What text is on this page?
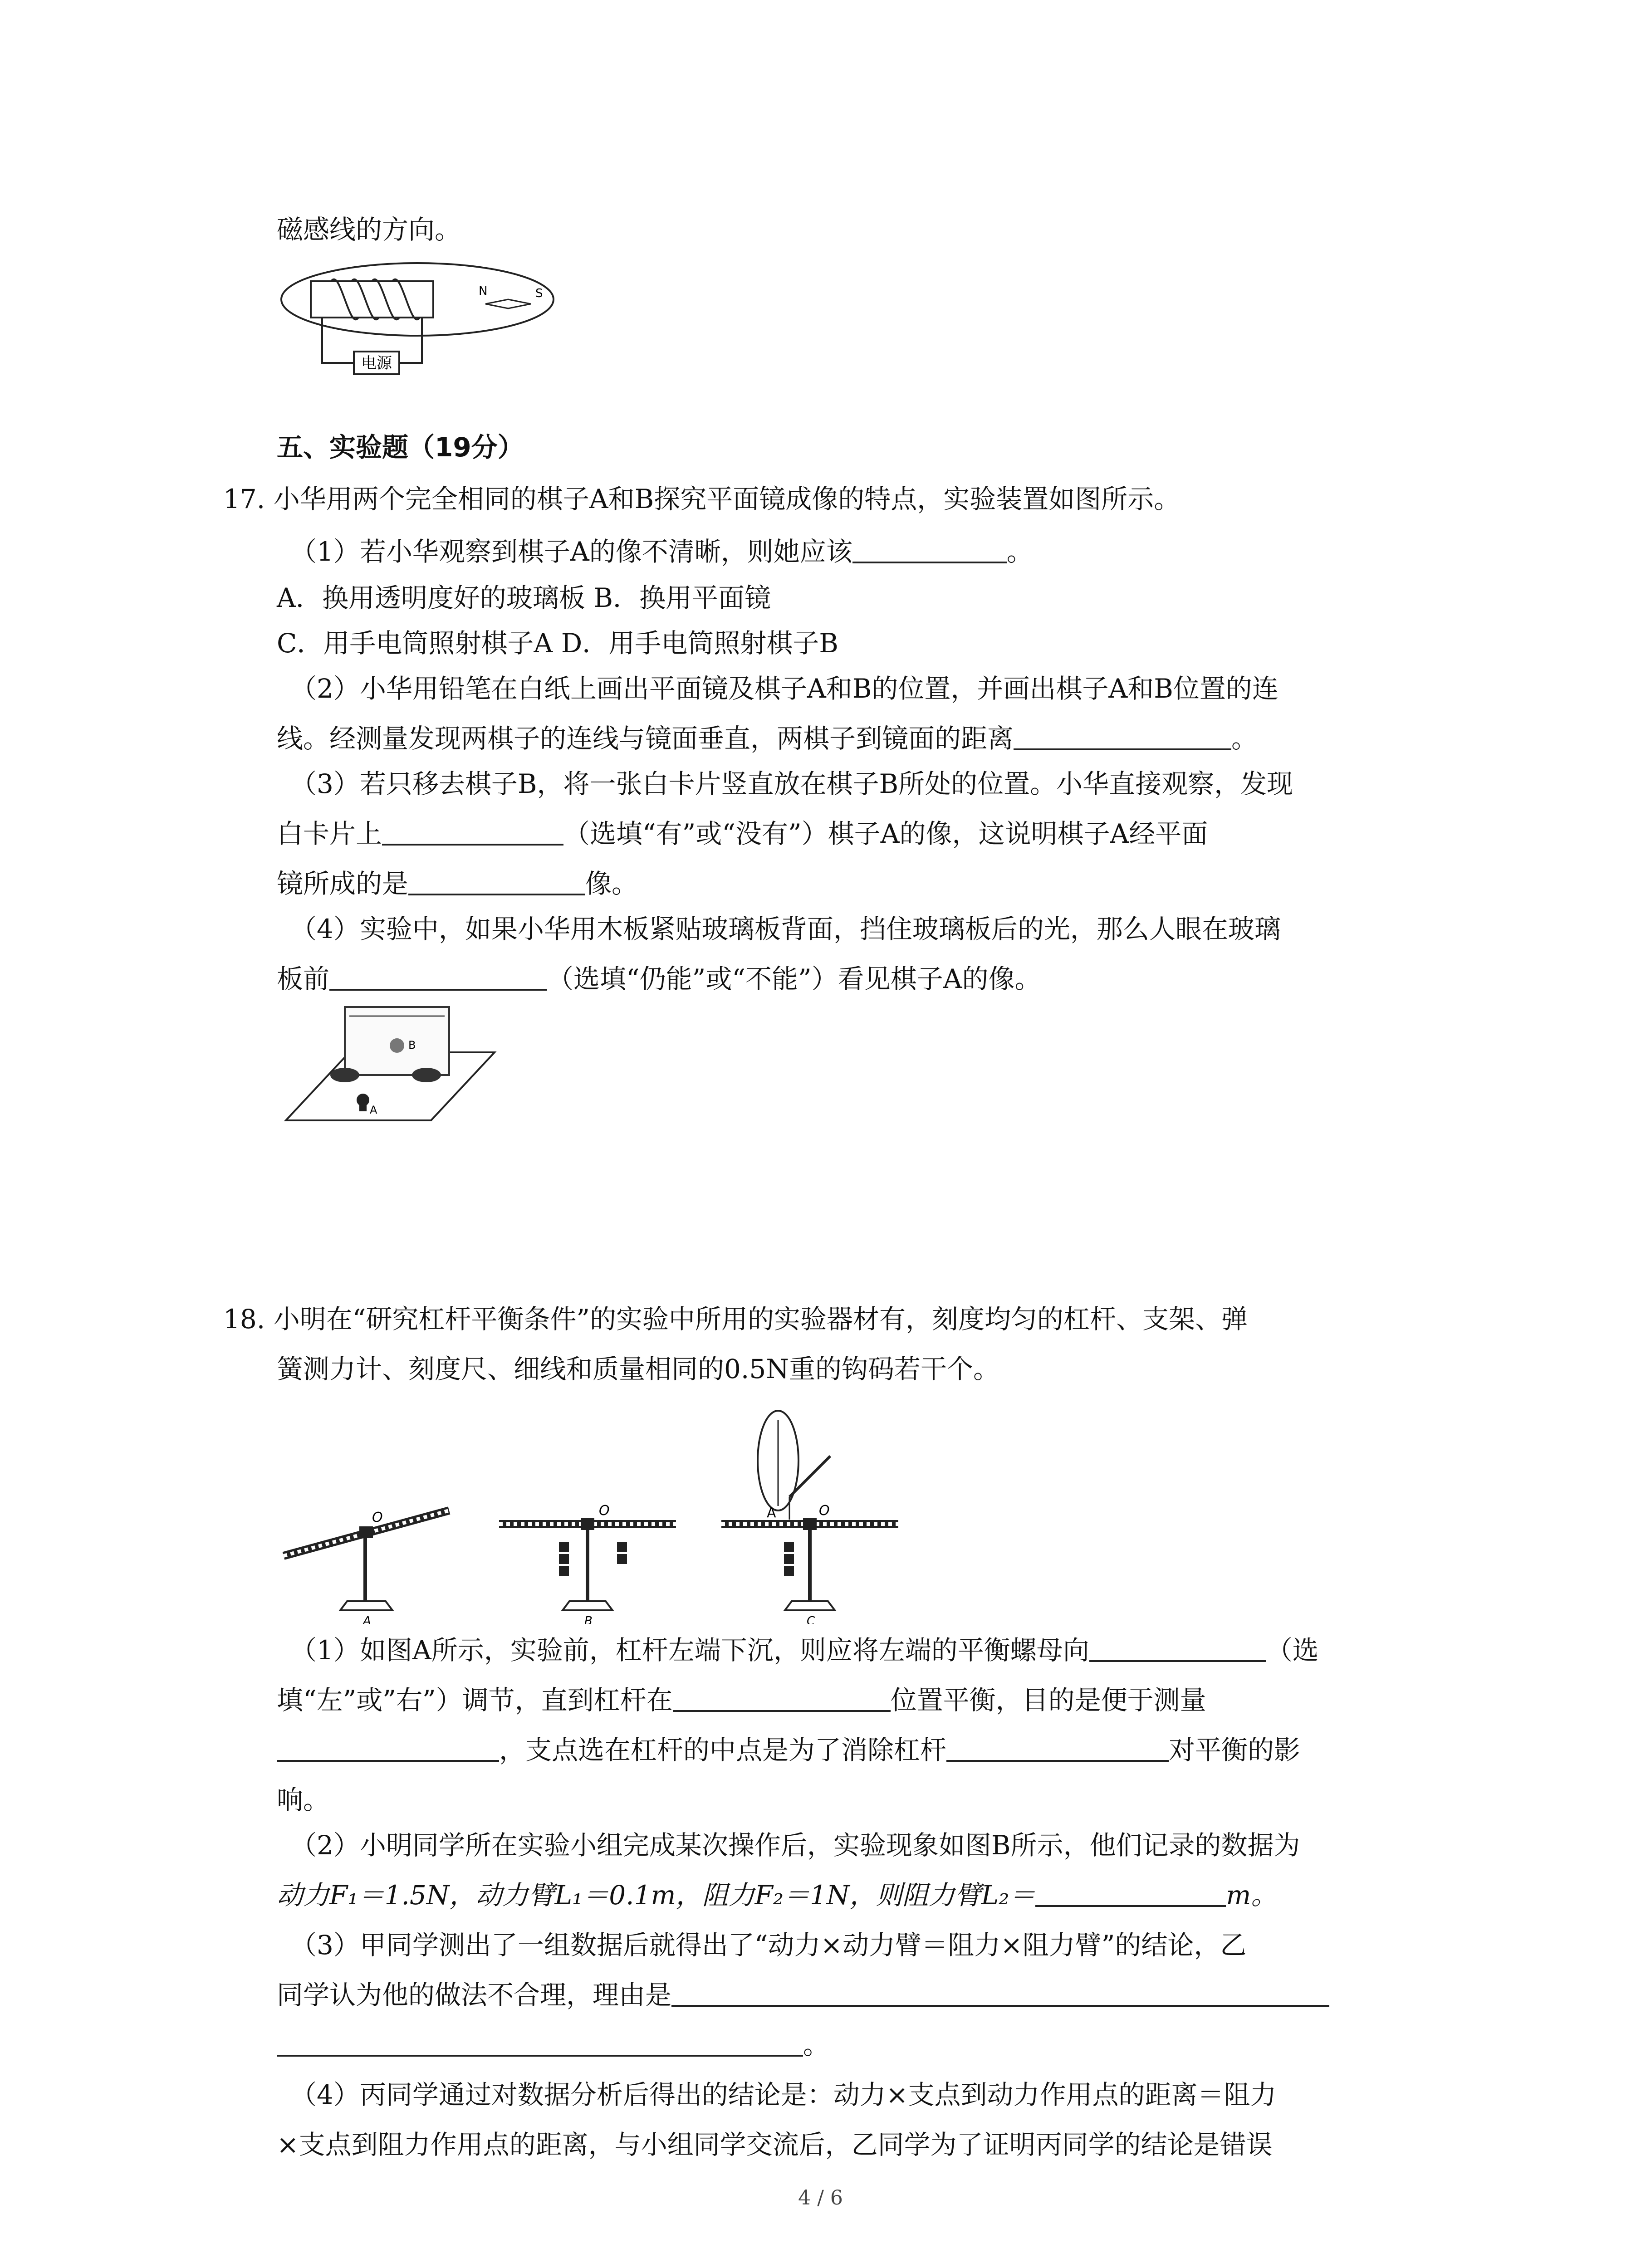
磁感线的方向。
电源
N	S
五、实验题（19分）
17. 小华用两个完全相同的棋子A和B探究平面镜成像的特点，实验装置如图所示。
（1）若小华观察到棋子A的像不清晰，则她应该	。
A．换用透明度好的玻璃板 B．换用平面镜
C．用手电筒照射棋子A D．用手电筒照射棋子B
（2）小华用铅笔在白纸上画出平面镜及棋子A和B的位置，并画出棋子A和B位置的连
线。经测量发现两棋子的连线与镜面垂直，两棋子到镜面的距离	。
（3）若只移去棋子B，将一张白卡片竖直放在棋子B所处的位置。小华直接观察，发现
白卡片上	（选填“有”或“没有”）棋子A的像，这说明棋子A经平面
镜所成的是	像。
（4）实验中，如果小华用木板紧贴玻璃板背面，挡住玻璃板后的光，那么人眼在玻璃
板前	（选填“仍能”或“不能”）看见棋子A的像。
A
B
18. 小明在“研究杠杆平衡条件”的实验中所用的实验器材有，刻度均匀的杠杆、支架、弹
簧测力计、刻度尺、细线和质量相同的0.5N重的钩码若干个。
O
A
O
B
A	O
C
（1）如图A所示，实验前，杠杆左端下沉，则应将左端的平衡螺母向	（选
填“左”或”右”）调节，直到杠杆在	位置平衡，目的是便于测量
，支点选在杠杆的中点是为了消除杠杆	对平衡的影
响。
（2）小明同学所在实验小组完成某次操作后，实验现象如图B所示，他们记录的数据为
动力F₁＝1.5N，动力臂L₁＝0.1m，阻力F₂＝1N，则阻力臂L₂＝	m。
（3）甲同学测出了一组数据后就得出了“动力×动力臂＝阻力×阻力臂”的结论，乙
同学认为他的做法不合理，理由是
。
（4）丙同学通过对数据分析后得出的结论是：动力×支点到动力作用点的距离＝阻力
×支点到阻力作用点的距离，与小组同学交流后，乙同学为了证明丙同学的结论是错误
4 / 6
